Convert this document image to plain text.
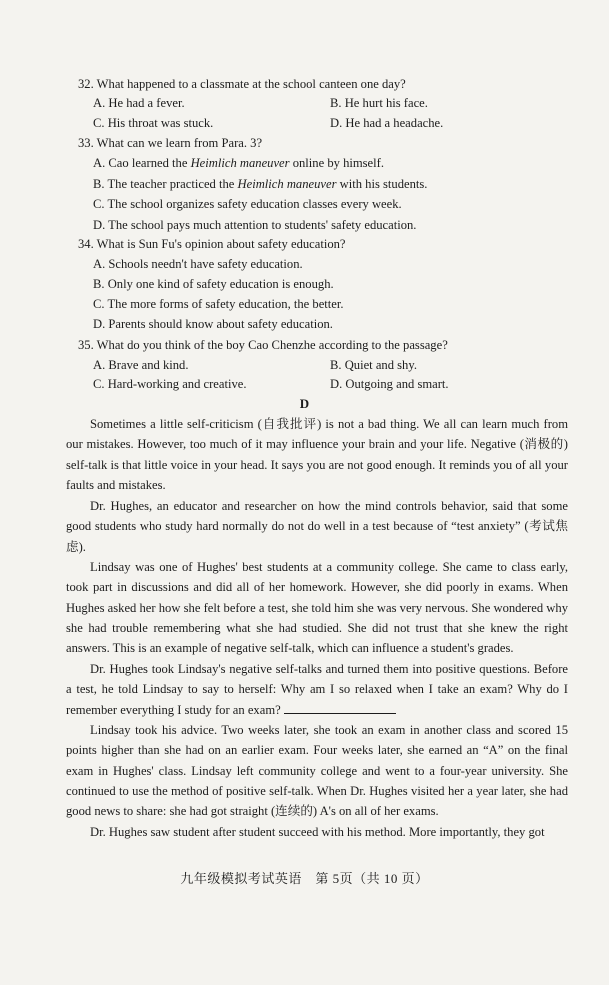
32. What happened to a classmate at the school canteen one day?
A. He had a fever.	B. He hurt his face.
C. His throat was stuck.	D. He had a headache.
33. What can we learn from Para. 3?
A. Cao learned the Heimlich maneuver online by himself.
B. The teacher practiced the Heimlich maneuver with his students.
C. The school organizes safety education classes every week.
D. The school pays much attention to students' safety education.
34. What is Sun Fu's opinion about safety education?
A. Schools needn't have safety education.
B. Only one kind of safety education is enough.
C. The more forms of safety education, the better.
D. Parents should know about safety education.
35. What do you think of the boy Cao Chenzhe according to the passage?
A. Brave and kind.	B. Quiet and shy.
C. Hard-working and creative.	D. Outgoing and smart.
D

Sometimes a little self-criticism (自我批评) is not a bad thing. We all can learn much from our mistakes. However, too much of it may influence your brain and your life. Negative (消极的) self-talk is that little voice in your head. It says you are not good enough. It reminds you of all your faults and mistakes.

Dr. Hughes, an educator and researcher on how the mind controls behavior, said that some good students who study hard normally do not do well in a test because of “test anxiety” (考试焦虑).

Lindsay was one of Hughes' best students at a community college. She came to class early, took part in discussions and did all of her homework. However, she did poorly in exams. When Hughes asked her how she felt before a test, she told him she was very nervous. She wondered why she had trouble remembering what she had studied. She did not trust that she knew the right answers. This is an example of negative self-talk, which can influence a student's grades.

Dr. Hughes took Lindsay's negative self-talks and turned them into positive questions. Before a test, he told Lindsay to say to herself: Why am I so relaxed when I take an exam? Why do I remember everything I study for an exam?

Lindsay took his advice. Two weeks later, she took an exam in another class and scored 15 points higher than she had on an earlier exam. Four weeks later, she earned an “A” on the final exam in Hughes' class. Lindsay left community college and went to a four-year university. She continued to use the method of positive self-talk. When Dr. Hughes visited her a year later, she had good news to share: she had got straight (连续的) A's on all of her exams.

Dr. Hughes saw student after student succeed with his method. More importantly, they got

九年级模拟考试英语　第 5页（共 10 页）
